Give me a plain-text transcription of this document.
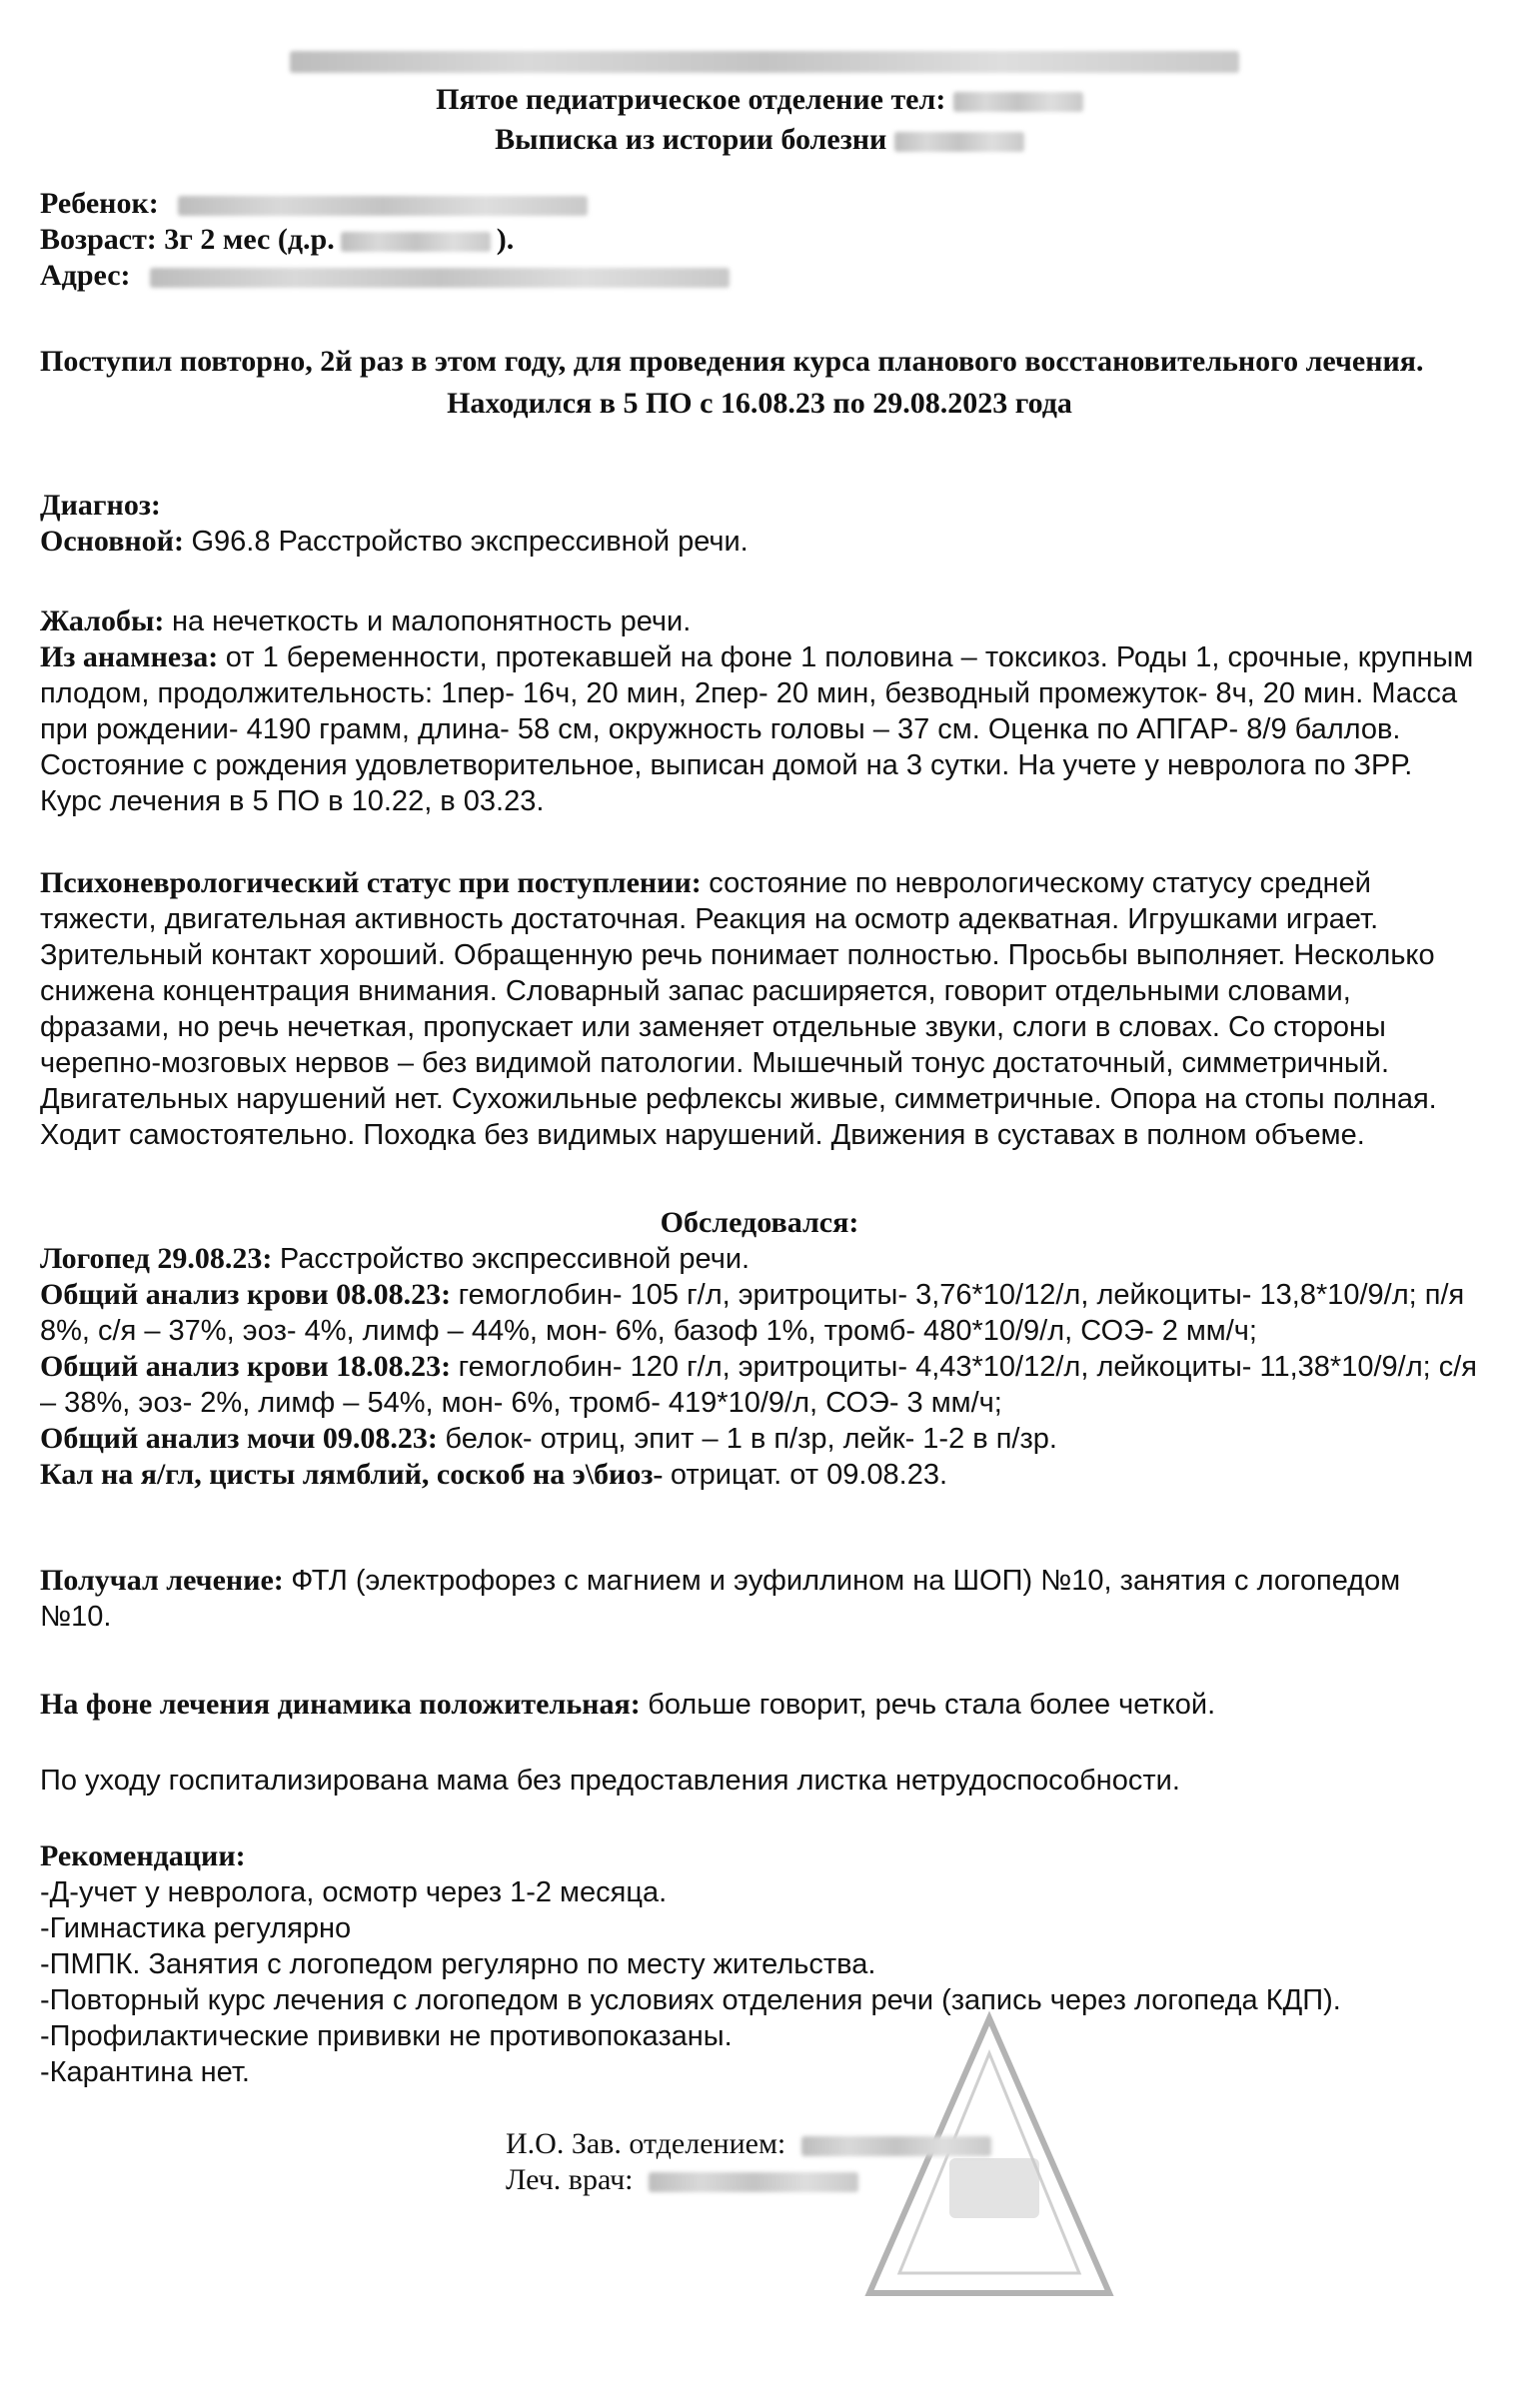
Пятое педиатрическое отделение тел:

Выписка из истории болезни

Ребенок:

Возраст: 3г 2 мес (д.р.	).

Адрес:

Поступил повторно, 2й раз в этом году, для проведения курса планового восстановительного лечения.

Находился в 5 ПО с 16.08.23 по 29.08.2023 года

Диагноз:

Основной: G96.8 Расстройство экспрессивной речи.

Жалобы: на нечеткость и малопонятность речи.

Из анамнеза: от 1 беременности, протекавшей на фоне 1 половина – токсикоз. Роды 1, срочные, крупным плодом, продолжительность: 1пер- 16ч, 20 мин, 2пер- 20 мин, безводный промежуток- 8ч, 20 мин. Масса при рождении- 4190 грамм, длина- 58 см, окружность головы – 37 см. Оценка по АПГАР- 8/9 баллов. Состояние с рождения удовлетворительное, выписан домой на 3 сутки. На учете у невролога по ЗРР. Курс лечения в 5 ПО в 10.22, в 03.23.

Психоневрологический статус при поступлении: состояние по неврологическому статусу средней тяжести, двигательная активность достаточная. Реакция на осмотр адекватная. Игрушками играет. Зрительный контакт хороший. Обращенную речь понимает полностью. Просьбы выполняет. Несколько снижена концентрация внимания. Словарный запас расширяется, говорит отдельными словами, фразами, но речь нечеткая, пропускает или заменяет отдельные звуки, слоги в словах. Со стороны черепно-мозговых нервов – без видимой патологии. Мышечный тонус достаточный, симметричный. Двигательных нарушений нет. Сухожильные рефлексы живые, симметричные. Опора на стопы полная. Ходит самостоятельно. Походка без видимых нарушений. Движения в суставах в полном объеме.

Обследовался:

Логопед 29.08.23: Расстройство экспрессивной речи.

Общий анализ крови 08.08.23: гемоглобин- 105 г/л, эритроциты- 3,76*10/12/л, лейкоциты- 13,8*10/9/л; п/я 8%, с/я – 37%, эоз- 4%, лимф – 44%, мон- 6%, базоф 1%, тромб- 480*10/9/л, СОЭ- 2 мм/ч;

Общий анализ крови 18.08.23: гемоглобин- 120 г/л, эритроциты- 4,43*10/12/л, лейкоциты- 11,38*10/9/л; с/я – 38%, эоз- 2%, лимф – 54%, мон- 6%, тромб- 419*10/9/л, СОЭ- 3 мм/ч;

Общий анализ мочи 09.08.23: белок- отриц, эпит – 1 в п/зр, лейк- 1-2 в п/зр.

Кал на я/гл, цисты лямблий, соскоб на э\биоз- отрицат. от 09.08.23.

Получал лечение: ФТЛ (электрофорез с магнием и эуфиллином на ШОП) №10, занятия с логопедом №10.

На фоне лечения динамика положительная: больше говорит, речь стала более четкой.

По уходу госпитализирована мама без предоставления листка нетрудоспособности.

Рекомендации:

-Д-учет у невролога, осмотр через 1-2 месяца.

-Гимнастика регулярно

-ПМПК. Занятия с логопедом регулярно по месту жительства.

-Повторный курс лечения с логопедом в условиях отделения речи (запись через логопеда КДП).

-Профилактические прививки не противопоказаны.

-Карантина нет.

И.О. Зав. отделением:

Леч. врач:
